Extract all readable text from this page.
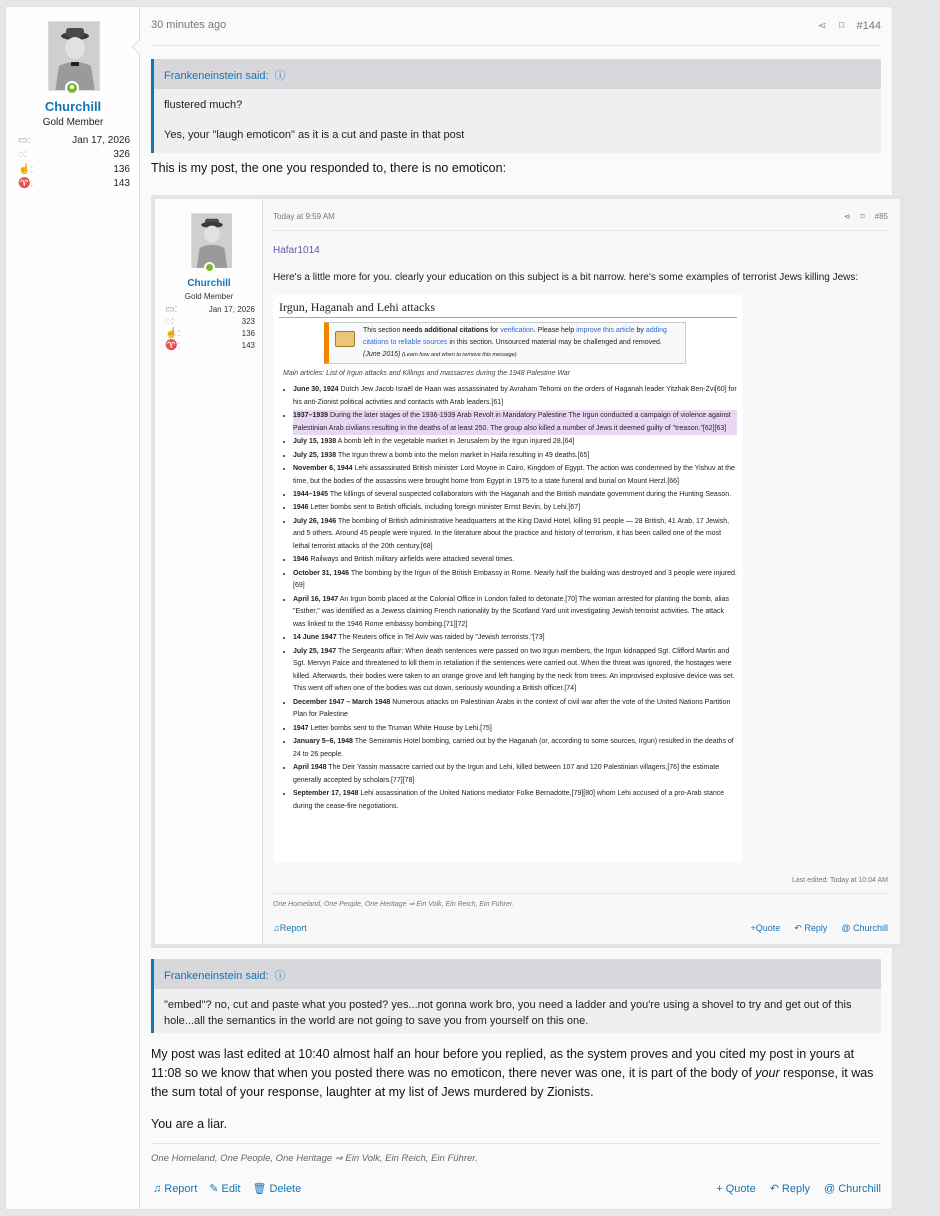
Churchill
Gold Member
▭:	Jan 17, 2026
◌:	326
☝:	136
♈:	143
30 minutes ago	⋖ ⌑ #144
Frankeneinstein said:  ⓘ
flustered much?
Yes, your "laugh emoticon" as it is a cut and paste in that post
This is my post, the one you responded to, there is no emoticon:
Churchill
Gold Member
▭:	Jan 17, 2026
◌:	323
☝:	136
♈:	143
Today at 9:59 AM	⋖ ⌑ #85
Hafar1014
Here's a little more for you. clearly your education on this subject is a bit narrow. here's some examples of terrorist Jews killing Jews:
Irgun, Haganah and Lehi attacks
This section needs additional citations for verification. Please help improve this article by adding citations to reliable sources in this section. Unsourced material may be challenged and removed. (June 2015) (Learn how and when to remove this message)
Main articles: List of Irgun attacks and Killings and massacres during the 1948 Palestine War
• June 30, 1924 Dutch Jew Jacob Israël de Haan was assassinated by Avraham Tehomi on the orders of Haganah leader Yitzhak Ben-Zvi[60] for his anti-Zionist political activities and contacts with Arab leaders.[61]
• 1937–1939 During the later stages of the 1936-1939 Arab Revolt in Mandatory Palestine The Irgun conducted a campaign of violence against Palestinian Arab civilians resulting in the deaths of at least 250. The group also killed a number of Jews it deemed guilty of "treason."[62][63]
• July 15, 1938 A bomb left in the vegetable market in Jerusalem by the Irgun injured 28.[64]
• July 25, 1938 The Irgun threw a bomb into the melon market in Haifa resulting in 49 deaths.[65]
• November 6, 1944 Lehi assassinated British minister Lord Moyne in Cairo, Kingdom of Egypt. The action was condemned by the Yishuv at the time, but the bodies of the assassins were brought home from Egypt in 1975 to a state funeral and burial on Mount Herzl.[66]
• 1944–1945 The killings of several suspected collaborators with the Haganah and the British mandate government during the Hunting Season.
• 1946 Letter bombs sent to British officials, including foreign minister Ernst Bevin, by Lehi.[67]
• July 26, 1946 The bombing of British administrative headquarters at the King David Hotel, killing 91 people — 28 British, 41 Arab, 17 Jewish, and 5 others. Around 45 people were injured. In the literature about the practice and history of terrorism, it has been called one of the most lethal terrorist attacks of the 20th century.[68]
• 1946 Railways and British military airfields were attacked several times.
• October 31, 1946 The bombing by the Irgun of the British Embassy in Rome. Nearly half the building was destroyed and 3 people were injured.[69]
• April 16, 1947 An Irgun bomb placed at the Colonial Office in London failed to detonate.[70] The woman arrested for planting the bomb, alias "Esther," was identified as a Jewess claiming French nationality by the Scotland Yard unit investigating Jewish terrorist activities. The attack was linked to the 1946 Rome embassy bombing.[71][72]
• 14 June 1947 The Reuters office in Tel Aviv was raided by "Jewish terrorists."[73]
• July 25, 1947 The Sergeants affair: When death sentences were passed on two Irgun members, the Irgun kidnapped Sgt. Clifford Martin and Sgt. Mervyn Paice and threatened to kill them in retaliation if the sentences were carried out. When the threat was ignored, the hostages were killed. Afterwards, their bodies were taken to an orange grove and left hanging by the neck from trees. An improvised explosive device was set. This went off when one of the bodies was cut down, seriously wounding a British officer.[74]
• December 1947 – March 1948 Numerous attacks on Palestinian Arabs in the context of civil war after the vote of the United Nations Partition Plan for Palestine
• 1947 Letter bombs sent to the Truman White House by Lehi.[75]
• January 5–6, 1948 The Semiramis Hotel bombing, carried out by the Haganah (or, according to some sources, Irgun) resulted in the deaths of 24 to 26 people.
• April 1948 The Deir Yassin massacre carried out by the Irgun and Lehi, killed between 107 and 120 Palestinian villagers,[76] the estimate generally accepted by scholars.[77][78]
• September 17, 1948 Lehi assassination of the United Nations mediator Folke Bernadotte,[79][80] whom Lehi accused of a pro-Arab stance during the cease-fire negotiations.
Last edited: Today at 10:04 AM
One Homeland, One People, One Heritage ⇒ Ein Volk, Ein Reich, Ein Führer.
♫Report	+Quote ↶ Reply @ Churchill
Frankeneinstein said:  ⓘ
"embed"? no, cut and paste what you posted? yes...not gonna work bro, you need a ladder and you're using a shovel to try and get out of this hole...all the semantics in the world are not going to save you from yourself on this one.
My post was last edited at 10:40 almost half an hour before you replied, as the system proves and you cited my post in yours at 11:08 so we know that when you posted there was no emoticon, there never was one, it is part of the body of your response, it was the sum total of your response, laughter at my list of Jews murdered by Zionists.
You are a liar.
One Homeland, One People, One Heritage ⇒ Ein Volk, Ein Reich, Ein Führer.
♫ Report ✎ Edit 🗑 Delete	+ Quote ↶ Reply @ Churchill
